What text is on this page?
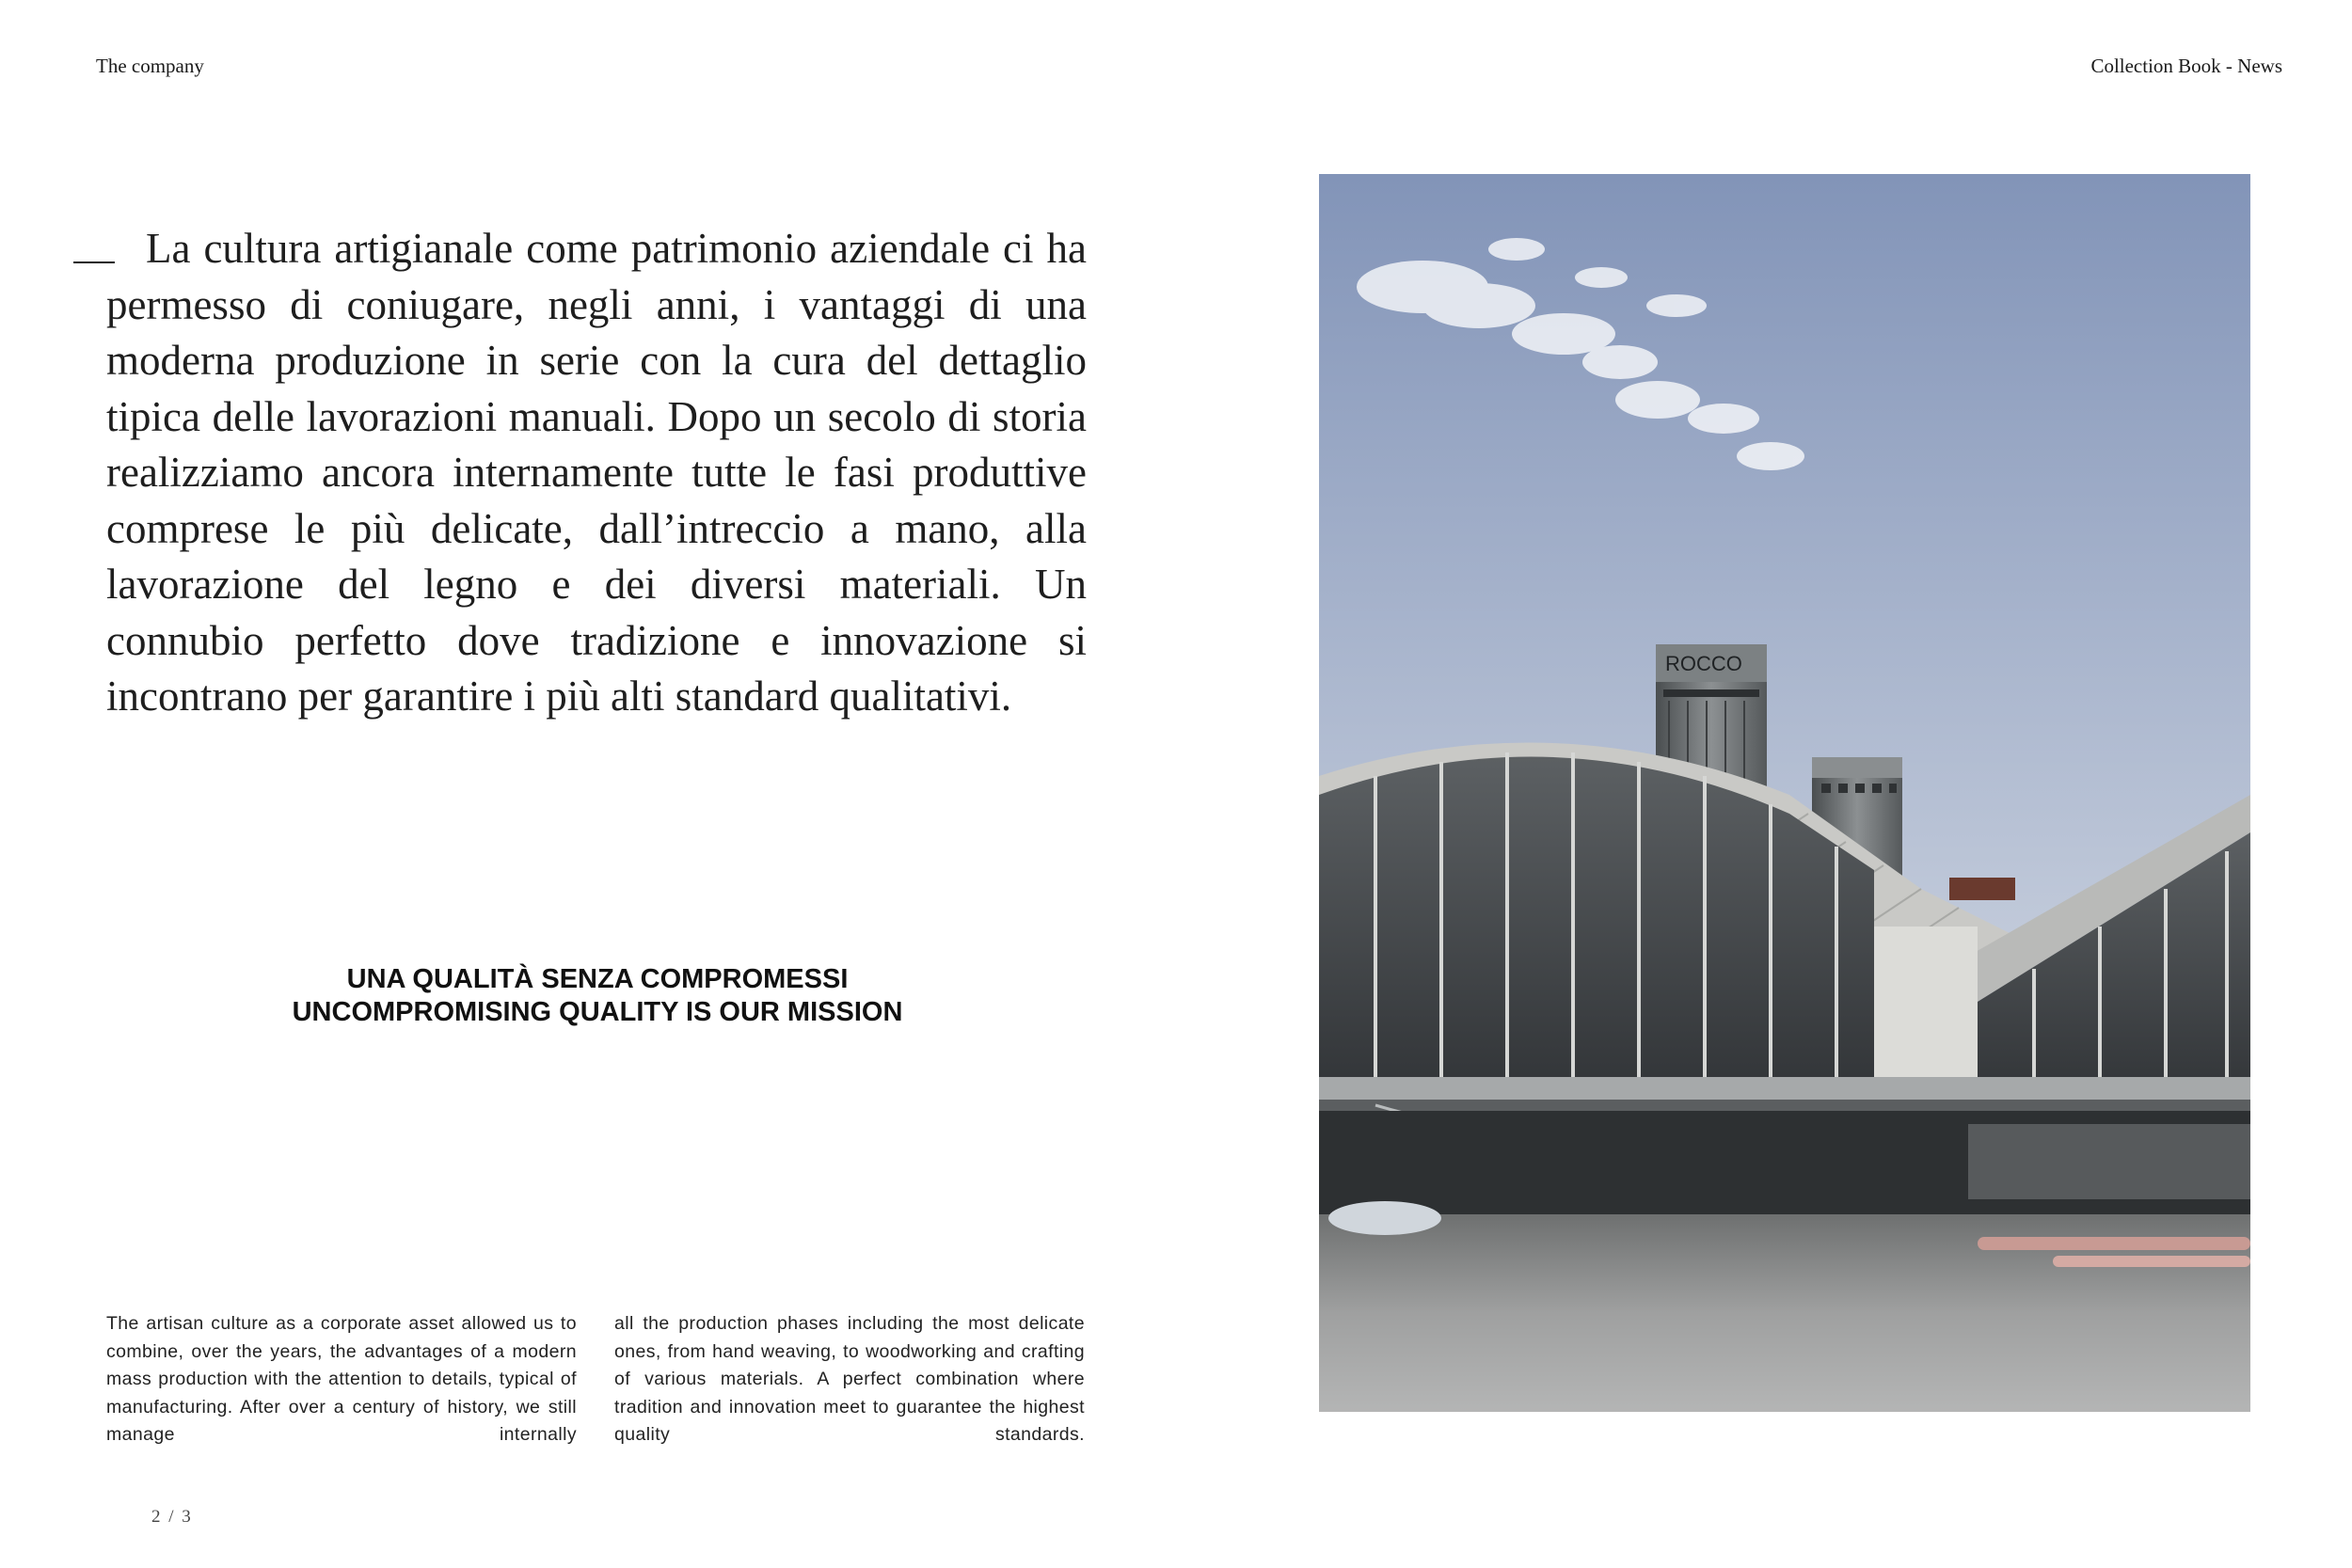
The company	Collection Book - News
La cultura artigianale come patrimonio aziendale ci ha permesso di coniugare, negli anni, i vantaggi di una moderna produzione in serie con la cura del dettaglio tipica delle lavorazioni manuali. Dopo un secolo di storia realizziamo ancora internamente tutte le fasi produttive comprese le più delicate, dall’intreccio a mano, alla lavorazione del legno e dei diversi materiali. Un connubio perfetto dove tradizione e innovazione si incontrano per garantire i più alti standard qualitativi.
UNA QUALITÀ SENZA COMPROMESSI
UNCOMPROMISING QUALITY IS OUR MISSION
The artisan culture as a corporate asset allowed us to combine, over the years, the advantages of a modern mass production with the attention to details, typical of manufacturing. After over a century of history, we still manage internally
all the production phases including the most delicate ones, from hand weaving, to woodworking and crafting of various materials. A perfect combination where tradition and innovation meet to guarantee the highest quality standards.
2 / 3
ROCCO
